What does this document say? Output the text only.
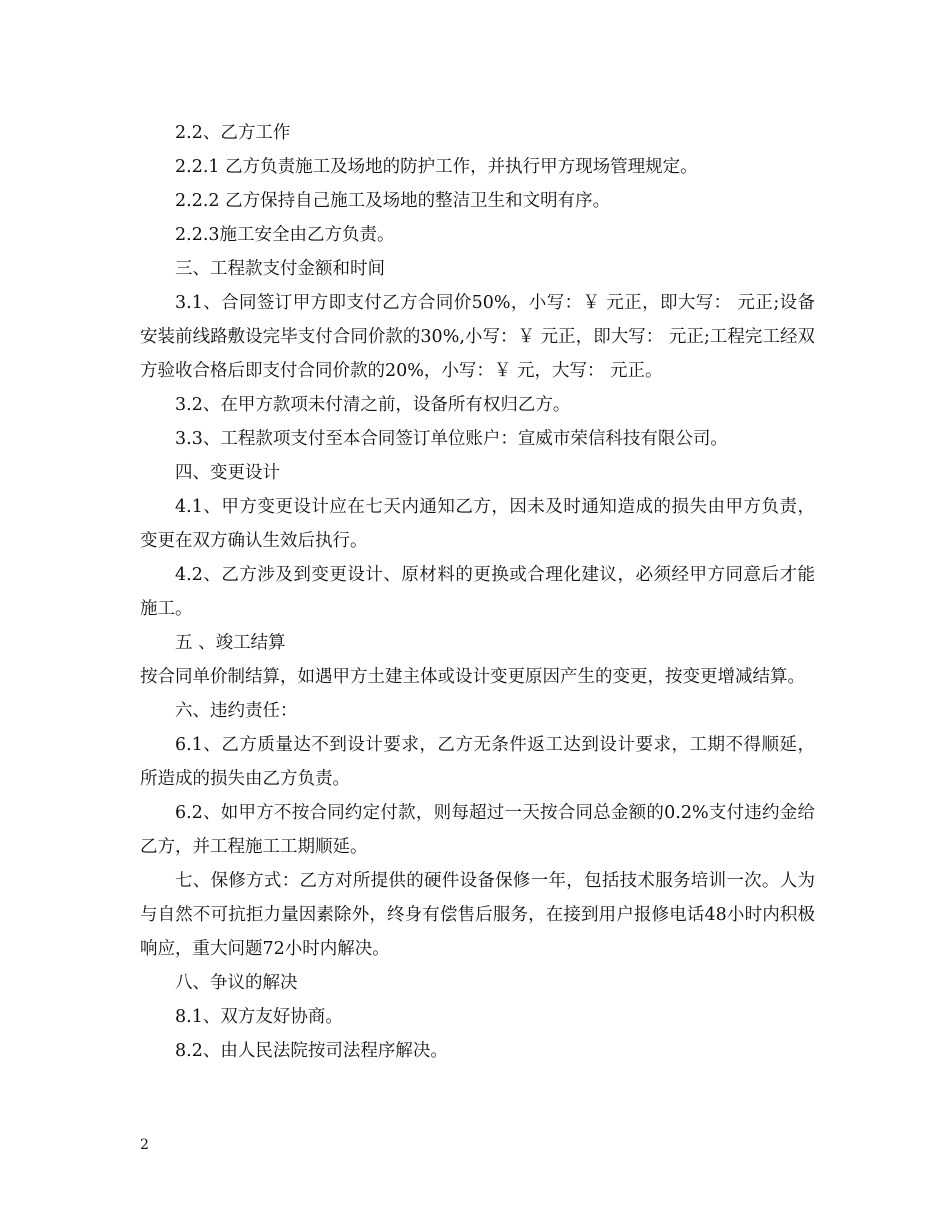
2.2、乙方工作

2.2.1 乙方负责施工及场地的防护工作，并执行甲方现场管理规定。

2.2.2 乙方保持自己施工及场地的整洁卫生和文明有序。

2.2.3施工安全由乙方负责。

三、工程款支付金额和时间

3.1、合同签订甲方即支付乙方合同价50%，小写：￥ 元正，即大写： 元正;设备安装前线路敷设完毕支付合同价款的30%,小写：￥ 元正，即大写： 元正;工程完工经双方验收合格后即支付合同价款的20%，小写：￥ 元，大写： 元正。

3.2、在甲方款项未付清之前，设备所有权归乙方。

3.3、工程款项支付至本合同签订单位账户：宣威市荣信科技有限公司。

四、变更设计

4.1、甲方变更设计应在七天内通知乙方，因未及时通知造成的损失由甲方负责，变更在双方确认生效后执行。

4.2、乙方涉及到变更设计、原材料的更换或合理化建议，必须经甲方同意后才能施工。

五 、竣工结算

按合同单价制结算，如遇甲方土建主体或设计变更原因产生的变更，按变更增减结算。

六、违约责任：

6.1、乙方质量达不到设计要求，乙方无条件返工达到设计要求，工期不得顺延，所造成的损失由乙方负责。

6.2、如甲方不按合同约定付款，则每超过一天按合同总金额的0.2%支付违约金给乙方，并工程施工工期顺延。

七、保修方式：乙方对所提供的硬件设备保修一年，包括技术服务培训一次。人为与自然不可抗拒力量因素除外，终身有偿售后服务，在接到用户报修电话48小时内积极响应，重大问题72小时内解决。

八、争议的解决

8.1、双方友好协商。

8.2、由人民法院按司法程序解决。

2
